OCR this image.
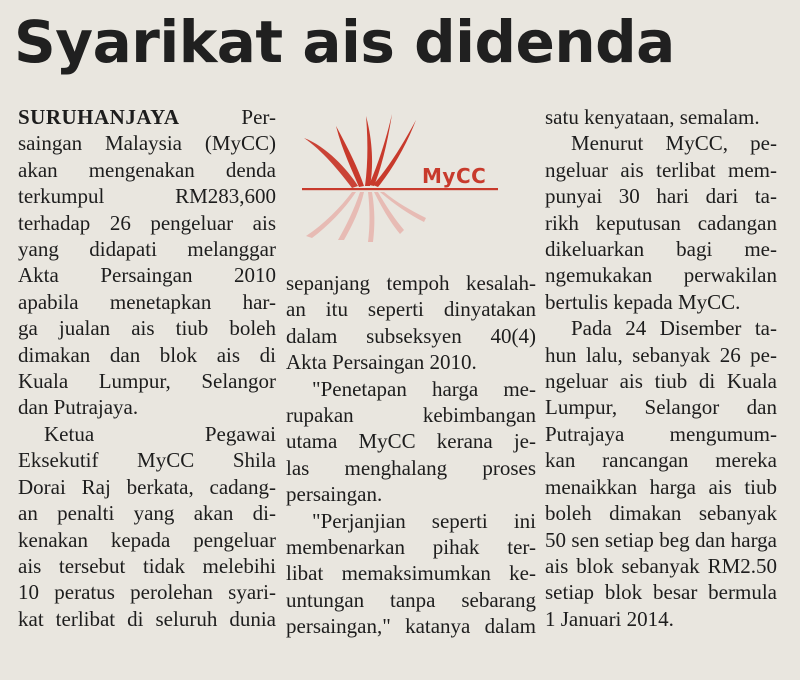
Syarikat ais didenda

SURUHANJAYA	Per-
saingan Malaysia (MyCC)
akan mengenakan denda
terkumpul RM283,600
terhadap 26 pengeluar ais
yang didapati melanggar
Akta Persaingan 2010
apabila menetapkan har-
ga jualan ais tiub boleh
dimakan dan blok ais di
Kuala Lumpur, Selangor
dan Putrajaya.

Ketua Pegawai
Eksekutif MyCC Shila
Dorai Raj berkata, cadang-
an penalti yang akan di-
kenakan kepada pengeluar
ais tersebut tidak melebihi
10 peratus perolehan syari-
kat terlibat di seluruh dunia

MyCC

sepanjang tempoh kesalah-
an itu seperti dinyatakan
dalam subseksyen 40(4)
Akta Persaingan 2010.

"Penetapan harga me-
rupakan kebimbangan
utama MyCC kerana je-
las menghalang proses
persaingan.

"Perjanjian seperti ini
membenarkan pihak ter-
libat memaksimumkan ke-
untungan tanpa sebarang
persaingan," katanya dalam

satu kenyataan, semalam.

Menurut MyCC, pe-
ngeluar ais terlibat mem-
punyai 30 hari dari ta-
rikh keputusan cadangan
dikeluarkan bagi me-
ngemukakan perwakilan
bertulis kepada MyCC.

Pada 24 Disember ta-
hun lalu, sebanyak 26 pe-
ngeluar ais tiub di Kuala
Lumpur, Selangor dan
Putrajaya mengumum-
kan rancangan mereka
menaikkan harga ais tiub
boleh dimakan sebanyak
50 sen setiap beg dan harga
ais blok sebanyak RM2.50
setiap blok besar bermula
1 Januari 2014.
